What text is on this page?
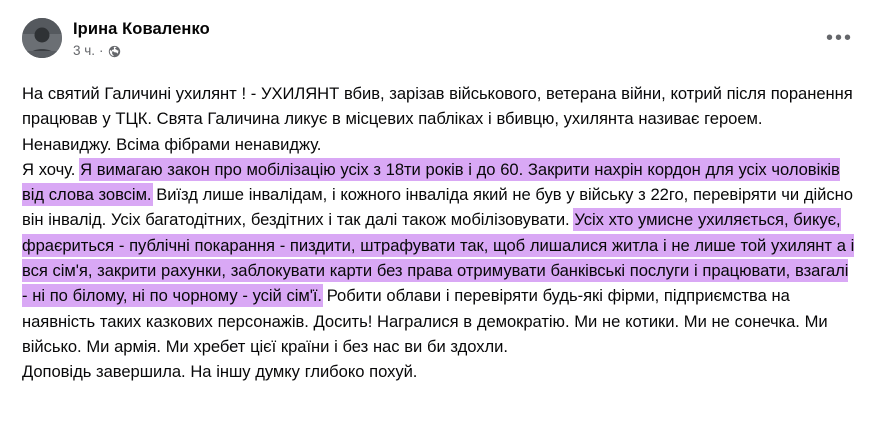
Ірина Коваленко
3 ч. ·
•••
На святий Галичині ухилянт ! - УХИЛЯНТ вбив, зарізав військового, ветерана війни, котрий після поранення працював у ТЦК. Свята Галичина ликує в місцевих пабліках і вбивцю, ухилянта називає героем. Ненавиджу. Всіма фібрами ненавиджу.
Я хочу. Я вимагаю закон про мобілізацію усіх з 18ти років і до 60. Закрити нахрін кордон для усіх чоловіків від слова зовсім. Виїзд лише інвалідам, і кожного інваліда який не був у війську з 22го, перевіряти чи дійсно він інвалід. Усіх багатодітних, бездітних і так далі також мобілізовувати. Усіх хто умисне ухиляється, бикує, фраєриться - публічні покарання - пиздити, штрафувати так, щоб лишалися житла і не лише той ухилянт а і вся сім'я, закрити рахунки, заблокувати карти без права отримувати банківські послуги і працювати, взагалі - ні по білому, ні по чорному - усій сім'ї. Робити облави і перевіряти будь-які фірми, підприємства на наявність таких казкових персонажів. Досить! Награлися в демократію. Ми не котики. Ми не сонечка. Ми військо. Ми армія. Ми хребет цієї країни і без нас ви би здохли.
Доповідь завершила. На іншу думку глибоко похуй.
